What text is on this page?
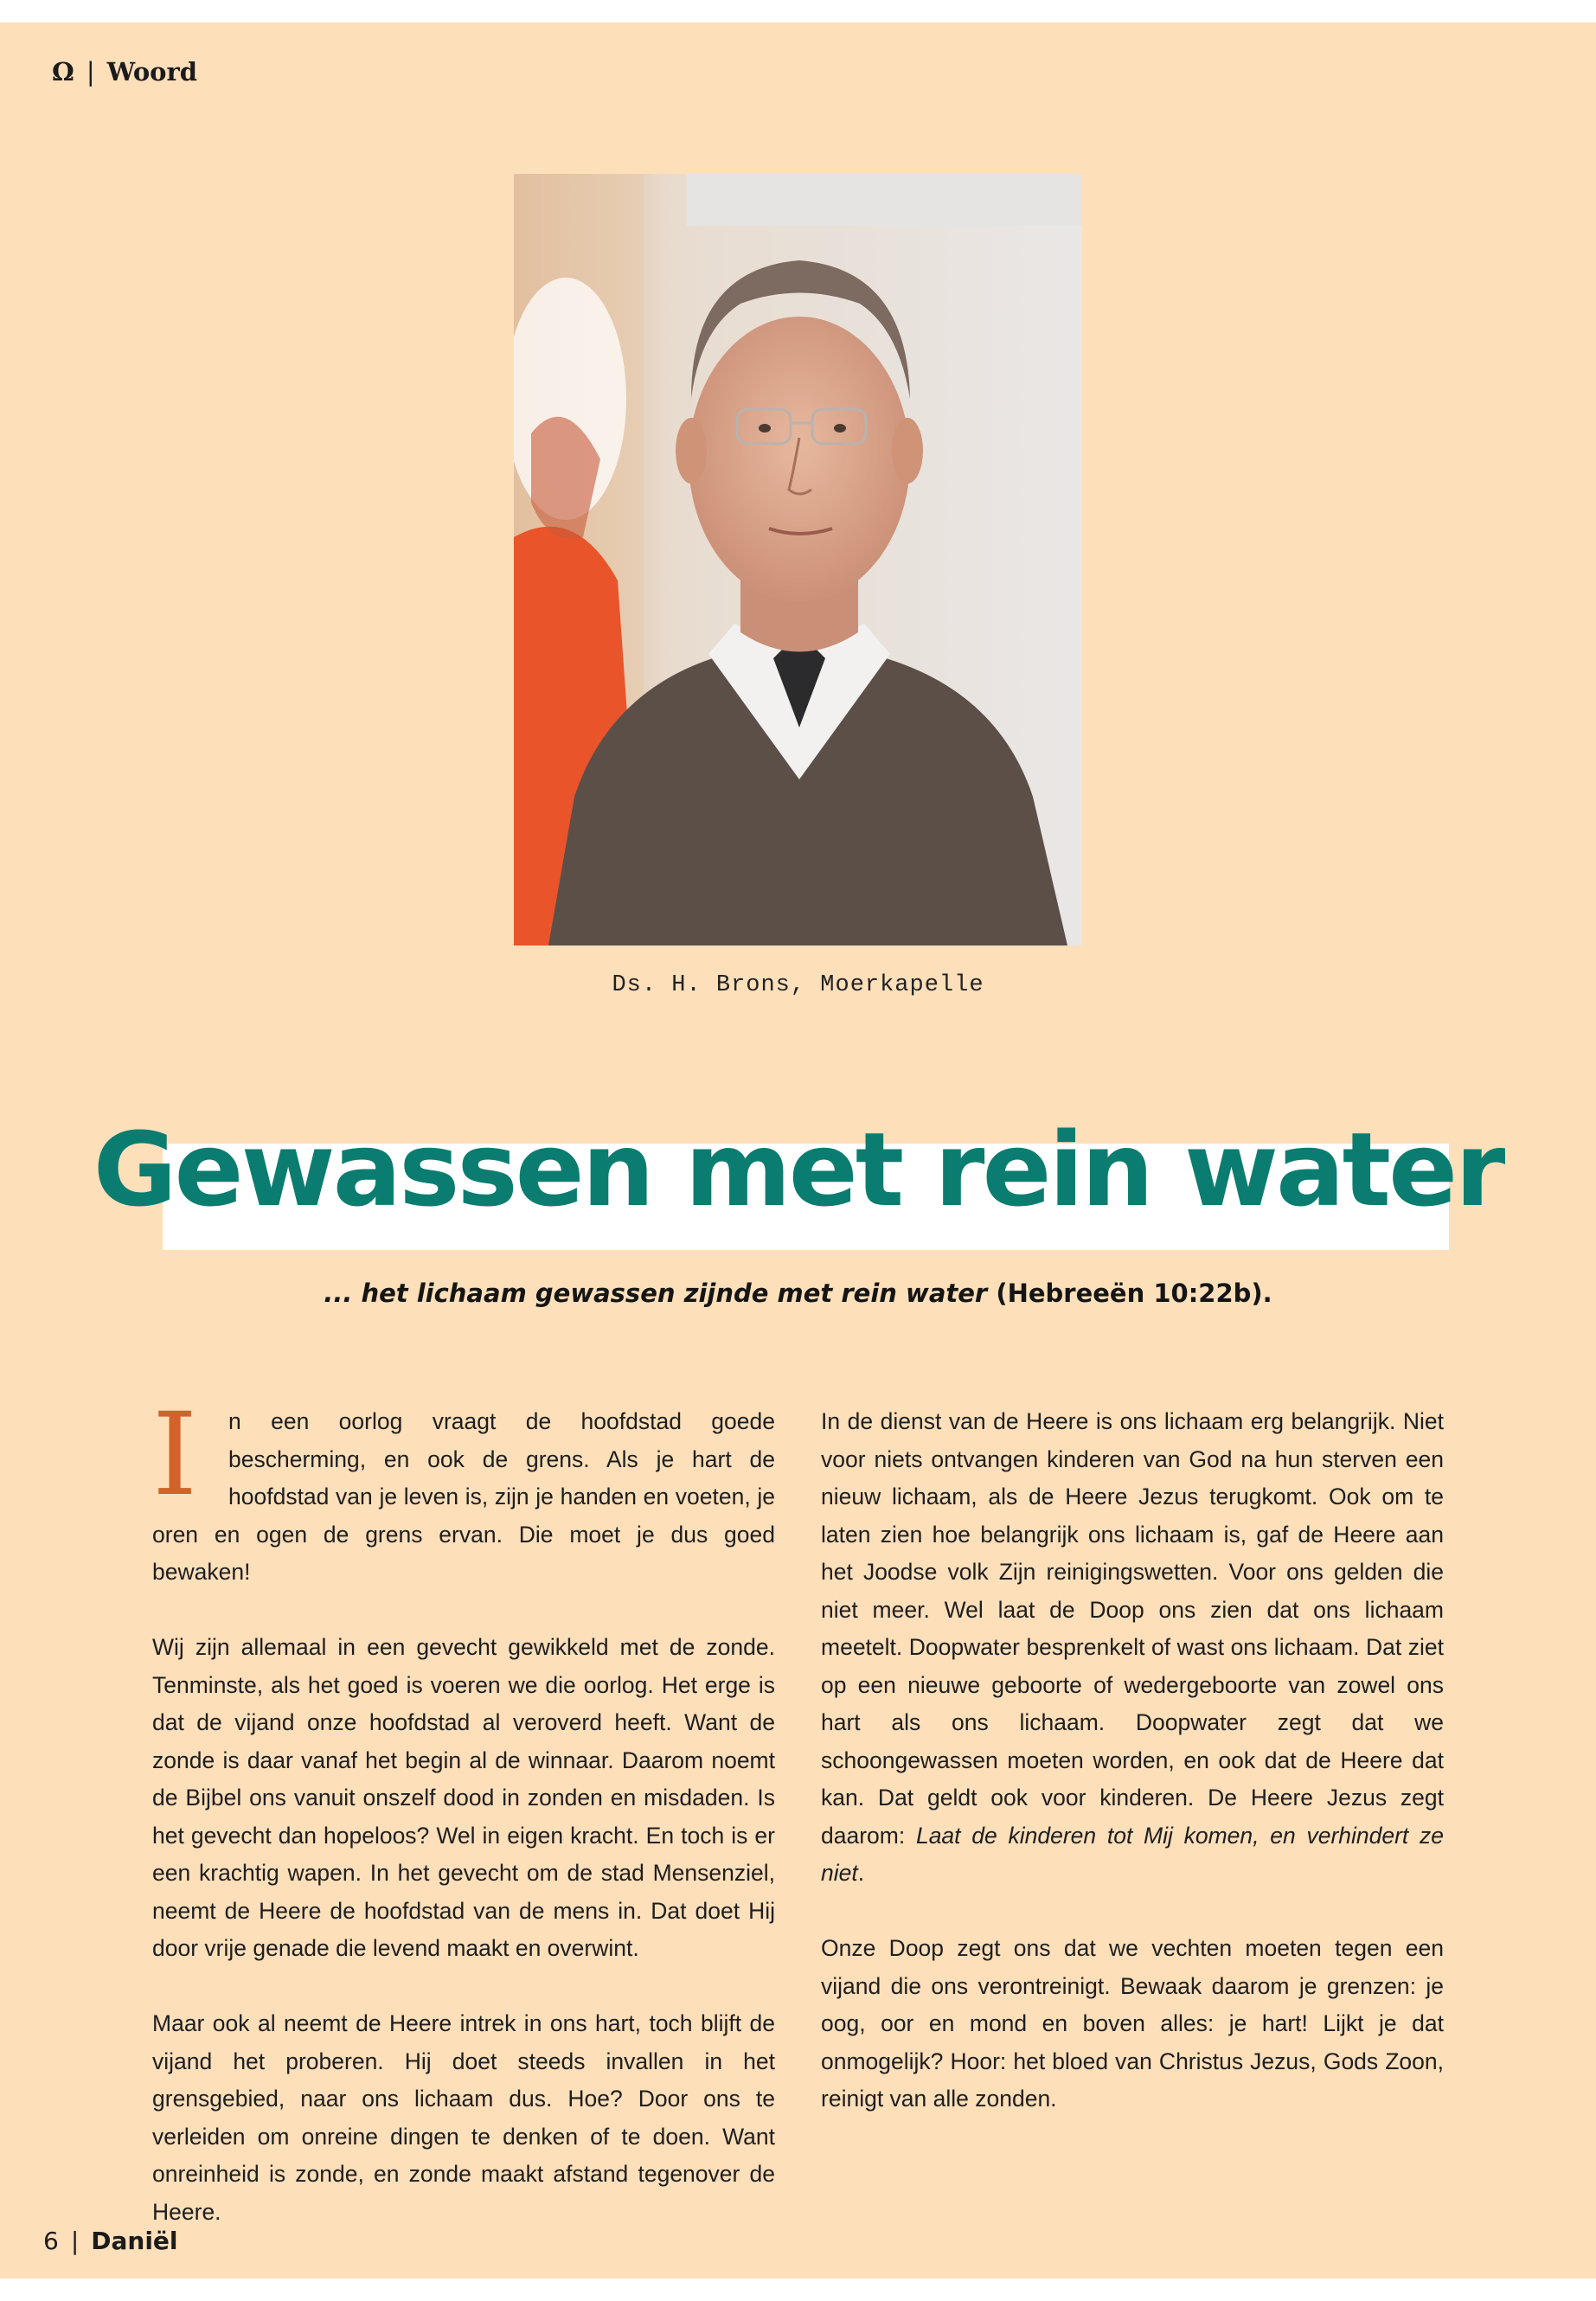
Ω | Woord
Ds. H. Brons, Moerkapelle
Gewassen met rein water
... het lichaam gewassen zijnde met rein water (Hebreeën 10:22b).

I	n een oorlog vraagt de hoofdstad goede bescherming, en ook de grens. Als je hart de hoofdstad van je leven is, zijn je handen en voeten, je oren en ogen de grens ervan. Die moet je dus goed bewaken!

Wij zijn allemaal in een gevecht gewikkeld met de zonde. Tenminste, als het goed is voeren we die oorlog. Het erge is dat de vijand onze hoofdstad al veroverd heeft. Want de zonde is daar vanaf het begin al de winnaar. Daarom noemt de Bijbel ons vanuit onszelf dood in zonden en misdaden. Is het gevecht dan hopeloos? Wel in eigen kracht. En toch is er een krachtig wapen. In het gevecht om de stad Mensenziel, neemt de Heere de hoofdstad van de mens in. Dat doet Hij door vrije genade die levend maakt en overwint.

Maar ook al neemt de Heere intrek in ons hart, toch blijft de vijand het proberen. Hij doet steeds invallen in het grensgebied, naar ons lichaam dus. Hoe? Door ons te verleiden om onreine dingen te denken of te doen. Want onreinheid is zonde, en zonde maakt afstand tegenover de Heere.

In de dienst van de Heere is ons lichaam erg belangrijk. Niet voor niets ontvangen kinderen van God na hun sterven een nieuw lichaam, als de Heere Jezus terugkomt. Ook om te laten zien hoe belangrijk ons lichaam is, gaf de Heere aan het Joodse volk Zijn reinigingswetten. Voor ons gelden die niet meer. Wel laat de Doop ons zien dat ons lichaam meetelt. Doopwater besprenkelt of wast ons lichaam. Dat ziet op een nieuwe geboorte of wedergeboorte van zowel ons hart als ons lichaam. Doopwater zegt dat we schoongewassen moeten worden, en ook dat de Heere dat kan. Dat geldt ook voor kinderen. De Heere Jezus zegt daarom: Laat de kinderen tot Mij komen, en verhindert ze niet.

Onze Doop zegt ons dat we vechten moeten tegen een vijand die ons verontreinigt. Bewaak daarom je grenzen: je oog, oor en mond en boven alles: je hart! Lijkt je dat onmogelijk? Hoor: het bloed van Christus Jezus, Gods Zoon, reinigt van alle zonden.

6 | Daniël
